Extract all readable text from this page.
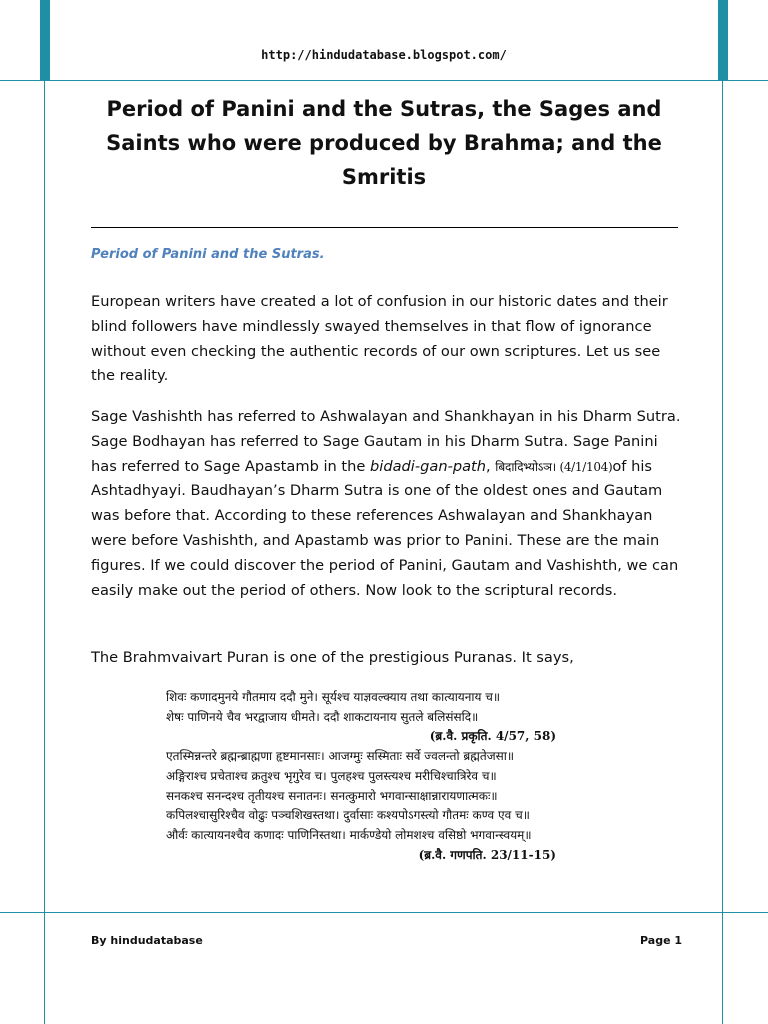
http://hindudatabase.blogspot.com/
Period of Panini and the Sutras, the Sages and Saints who were produced by Brahma; and the Smritis
Period of Panini and the Sutras.

European writers have created a lot of confusion in our historic dates and their blind followers have mindlessly swayed themselves in that flow of ignorance without even checking the authentic records of our own scriptures. Let us see the reality.

Sage Vashishth has referred to Ashwalayan and Shankhayan in his Dharm Sutra. Sage Bodhayan has referred to Sage Gautam in his Dharm Sutra. Sage Panini has referred to Sage Apastamb in the bidadi-gan-path, बिदादिभ्योऽञ। (4/1/104)of his Ashtadhyayi. Baudhayan’s Dharm Sutra is one of the oldest ones and Gautam was before that. According to these references Ashwalayan and Shankhayan were before Vashishth, and Apastamb was prior to Panini. These are the main figures. If we could discover the period of Panini, Gautam and Vashishth, we can easily make out the period of others. Now look to the scriptural records.

The Brahmvaivart Puran is one of the prestigious Puranas. It says,

शिवः कणादमुनये गौतमाय ददौ मुने। सूर्यश्च याज्ञवल्क्याय तथा कात्यायनाय च॥
शेषः पाणिनये चैव भरद्वाजाय धीमते। ददौ शाकटायनाय सुतले बलिसंसदि॥
(ब्र.वै. प्रकृति. 4/57, 58)
एतस्मिन्नन्तरे ब्रह्मन्ब्राह्मणा हृष्टमानसाः। आजग्मुः सस्मिताः सर्वे ज्वलन्तो ब्रह्मतेजसा॥
अङ्गिराश्च प्रचेताश्च क्रतुश्च भृगुरेव च। पुलहश्च पुलस्त्यश्च मरीचिश्चात्रिरेव च॥
सनकश्च सनन्दश्च तृतीयश्च सनातनः। सनत्कुमारो भगवान्साक्षान्नारायणात्मकः॥
कपिलश्चासुरिश्चैव वोढुः पञ्चशिखस्तथा। दुर्वासाः कश्यपोऽगस्त्यो गौतमः कण्व एव च॥
और्वः कात्यायनश्चैव कणादः पाणिनिस्तथा। मार्कण्डेयो लोमशश्च वसिष्ठो भगवान्स्वयम्॥
(ब्र.वै. गणपति. 23/11-15)
By hindudatabase	Page 1
